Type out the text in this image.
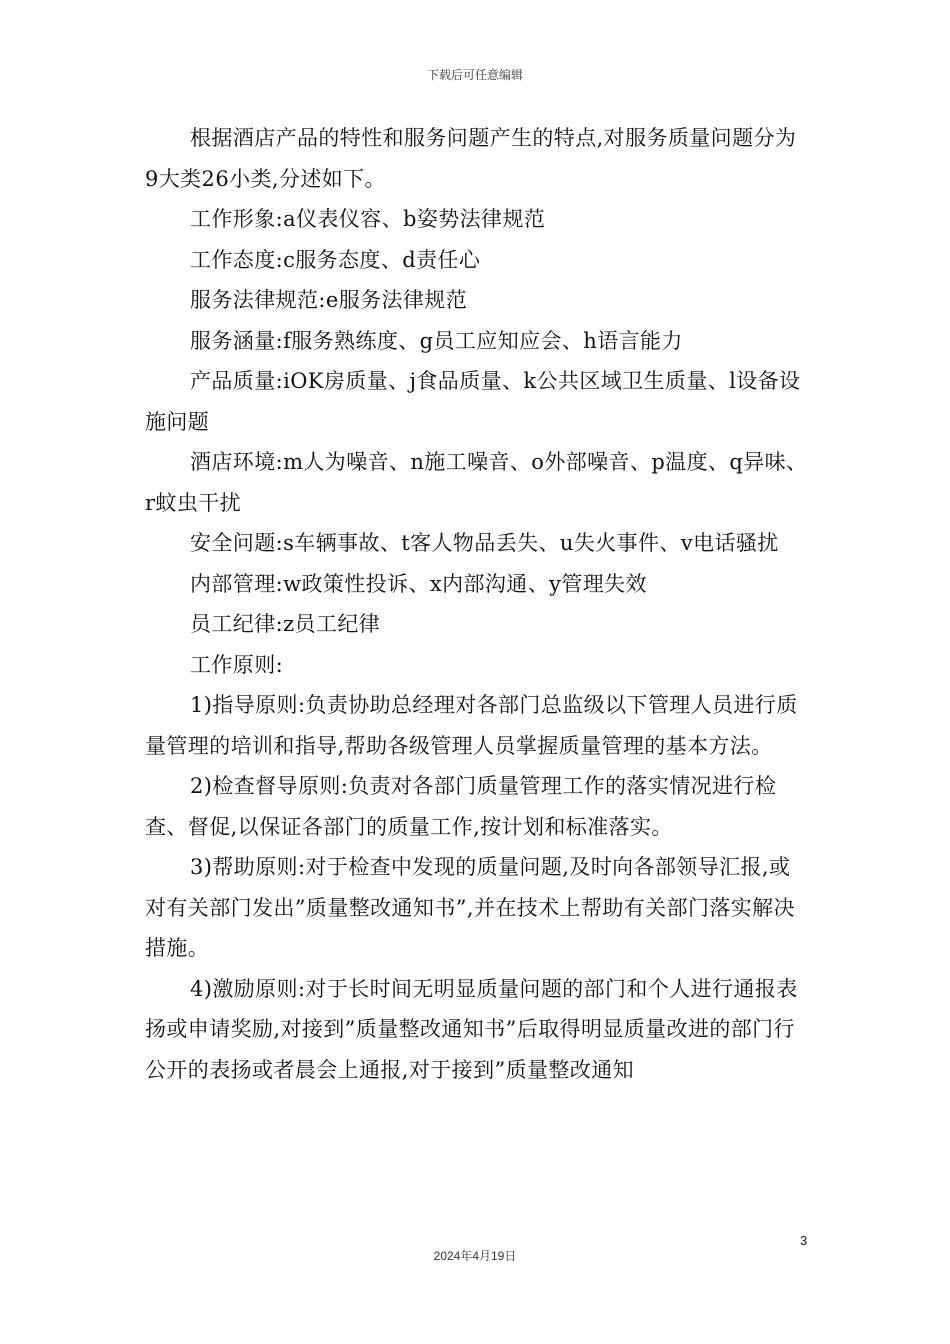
下载后可任意编辑

根据酒店产品的特性和服务问题产生的特点,对服务质量问题分为9大类26小类,分述如下。

工作形象:a仪表仪容、b姿势法律规范

工作态度:c服务态度、d责任心

服务法律规范:e服务法律规范

服务涵量:f服务熟练度、g员工应知应会、h语言能力

产品质量:iOK房质量、j食品质量、k公共区域卫生质量、l设备设施问题

酒店环境:m人为噪音、n施工噪音、o外部噪音、p温度、q异味、r蚊虫干扰

安全问题:s车辆事故、t客人物品丢失、u失火事件、v电话骚扰

内部管理:w政策性投诉、x内部沟通、y管理失效

员工纪律:z员工纪律

工作原则:

1)指导原则:负责协助总经理对各部门总监级以下管理人员进行质量管理的培训和指导,帮助各级管理人员掌握质量管理的基本方法。

2)检查督导原则:负责对各部门质量管理工作的落实情况进行检查、督促,以保证各部门的质量工作,按计划和标准落实。

3)帮助原则:对于检查中发现的质量问题,及时向各部领导汇报,或对有关部门发出”质量整改通知书”,并在技术上帮助有关部门落实解决措施。

4)激励原则:对于长时间无明显质量问题的部门和个人进行通报表扬或申请奖励,对接到”质量整改通知书”后取得明显质量改进的部门行公开的表扬或者晨会上通报,对于接到”质量整改通知

3
2024年4月19日
